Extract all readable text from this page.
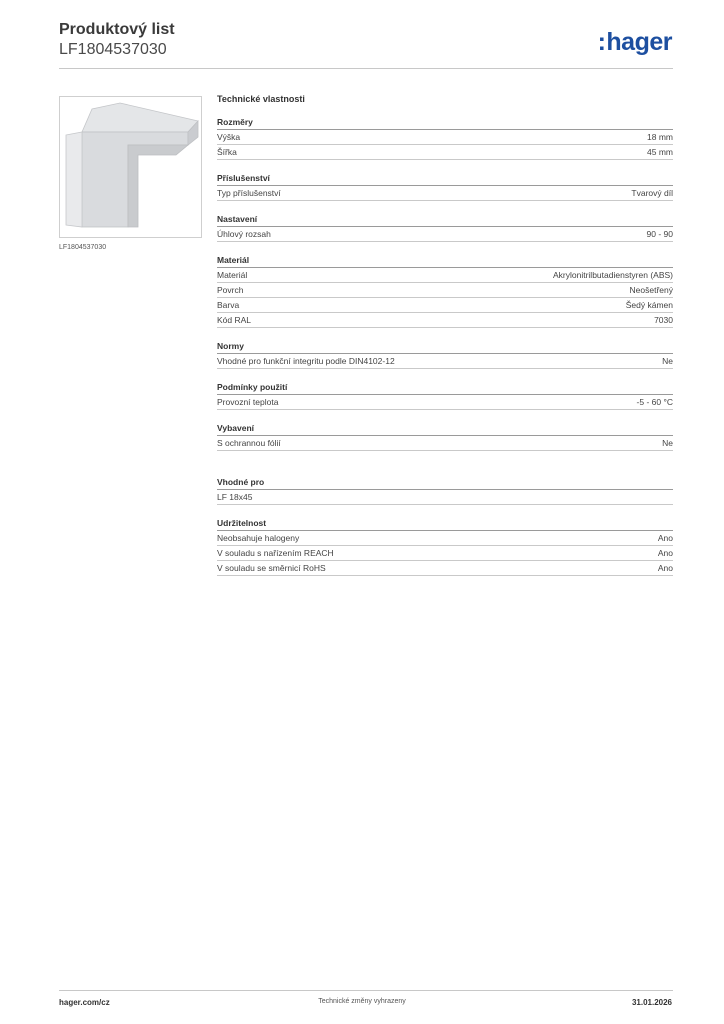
Produktový list
LF1804537030	:hager
LF1804537030
Technické vlastnosti
Rozměry
Výška	18 mm
Šířka	45 mm
Příslušenství
Typ příslušenství	Tvarový díl
Nastavení
Úhlový rozsah	90 - 90
Materiál
Materiál	Akrylonitrilbutadienstyren (ABS)
Povrch	Neošetřený
Barva	Šedý kámen
Kód RAL	7030
Normy
Vhodné pro funkční integritu podle DIN4102-12	Ne
Podmínky použití
Provozní teplota	-5 - 60 °C
Vybavení
S ochrannou fólií	Ne
Vhodné pro
LF 18x45
Udržitelnost
Neobsahuje halogeny	Ano
V souladu s nařízením REACH	Ano
V souladu se směrnicí RoHS	Ano
hager.com/cz	Technické změny vyhrazeny	31.01.2026
